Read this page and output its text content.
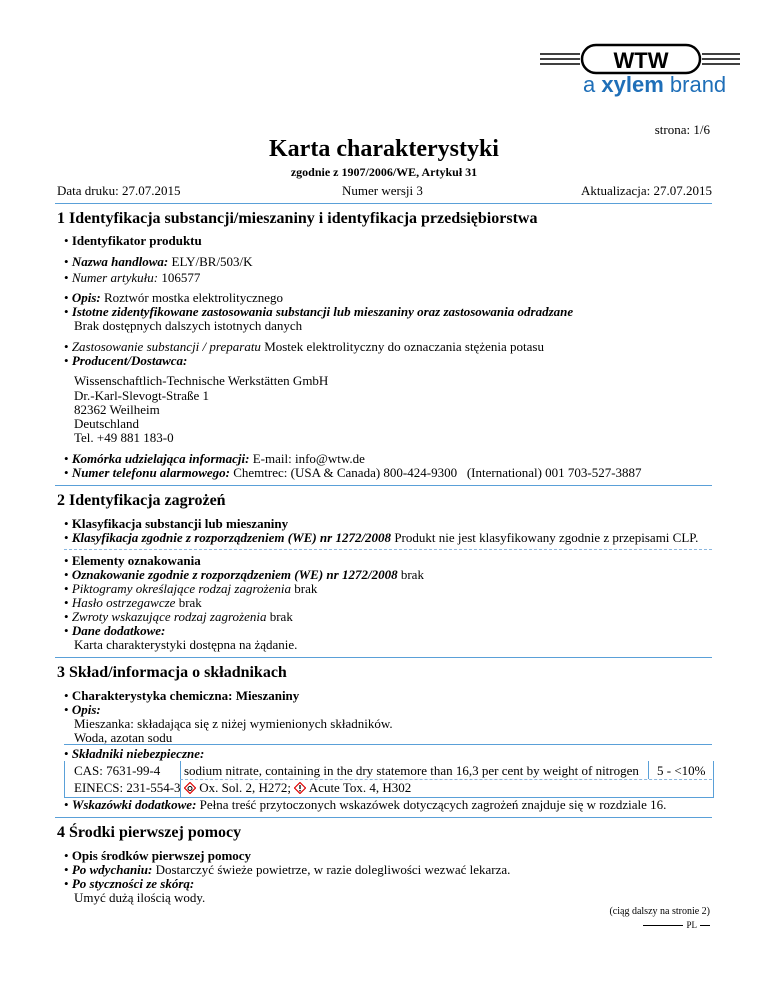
WTW
a xylem brand
strona: 1/6
Karta charakterystyki
zgodnie z 1907/2006/WE, Artykuł 31
Data druku: 27.07.2015	Numer wersji 3	Aktualizacja: 27.07.2015
1 Identyfikacja substancji/mieszaniny i identyfikacja przedsiębiorstwa
• Identyfikator produktu
• Nazwa handlowa: ELY/BR/503/K
• Numer artykułu: 106577
• Opis: Roztwór mostka elektrolitycznego
• Istotne zidentyfikowane zastosowania substancji lub mieszaniny oraz zastosowania odradzane
Brak dostępnych dalszych istotnych danych
• Zastosowanie substancji / preparatu Mostek elektrolityczny do oznaczania stężenia potasu
• Producent/Dostawca:
Wissenschaftlich-Technische Werkstätten GmbH
Dr.-Karl-Slevogt-Straße 1
82362 Weilheim
Deutschland
Tel. +49 881 183-0
• Komórka udzielająca informacji: E-mail: info@wtw.de
• Numer telefonu alarmowego: Chemtrec: (USA & Canada) 800-424-9300   (International) 001 703-527-3887
2 Identyfikacja zagrożeń
• Klasyfikacja substancji lub mieszaniny
• Klasyfikacja zgodnie z rozporządzeniem (WE) nr 1272/2008 Produkt nie jest klasyfikowany zgodnie z przepisami CLP.
• Elementy oznakowania
• Oznakowanie zgodnie z rozporządzeniem (WE) nr 1272/2008 brak
• Piktogramy określające rodzaj zagrożenia brak
• Hasło ostrzegawcze brak
• Zwroty wskazujące rodzaj zagrożenia brak
• Dane dodatkowe:
Karta charakterystyki dostępna na żądanie.
3 Skład/informacja o składnikach
• Charakterystyka chemiczna: Mieszaniny
• Opis:
Mieszanka: składająca się z niżej wymienionych składników.
Woda, azotan sodu
• Składniki niebezpieczne:
CAS: 7631-99-4
EINECS: 231-554-3
sodium nitrate, containing in the dry statemore than 16,3 per cent by weight of nitrogen 5 - <10%
Ox. Sol. 2, H272; Acute Tox. 4, H302
• Wskazówki dodatkowe: Pełna treść przytoczonych wskazówek dotyczących zagrożeń znajduje się w rozdziale 16.
4 Środki pierwszej pomocy
• Opis środków pierwszej pomocy
• Po wdychaniu: Dostarczyć świeże powietrze, w razie dolegliwości wezwać lekarza.
• Po styczności ze skórą:
Umyć dużą ilością wody.
(ciąg dalszy na stronie 2)
PL
